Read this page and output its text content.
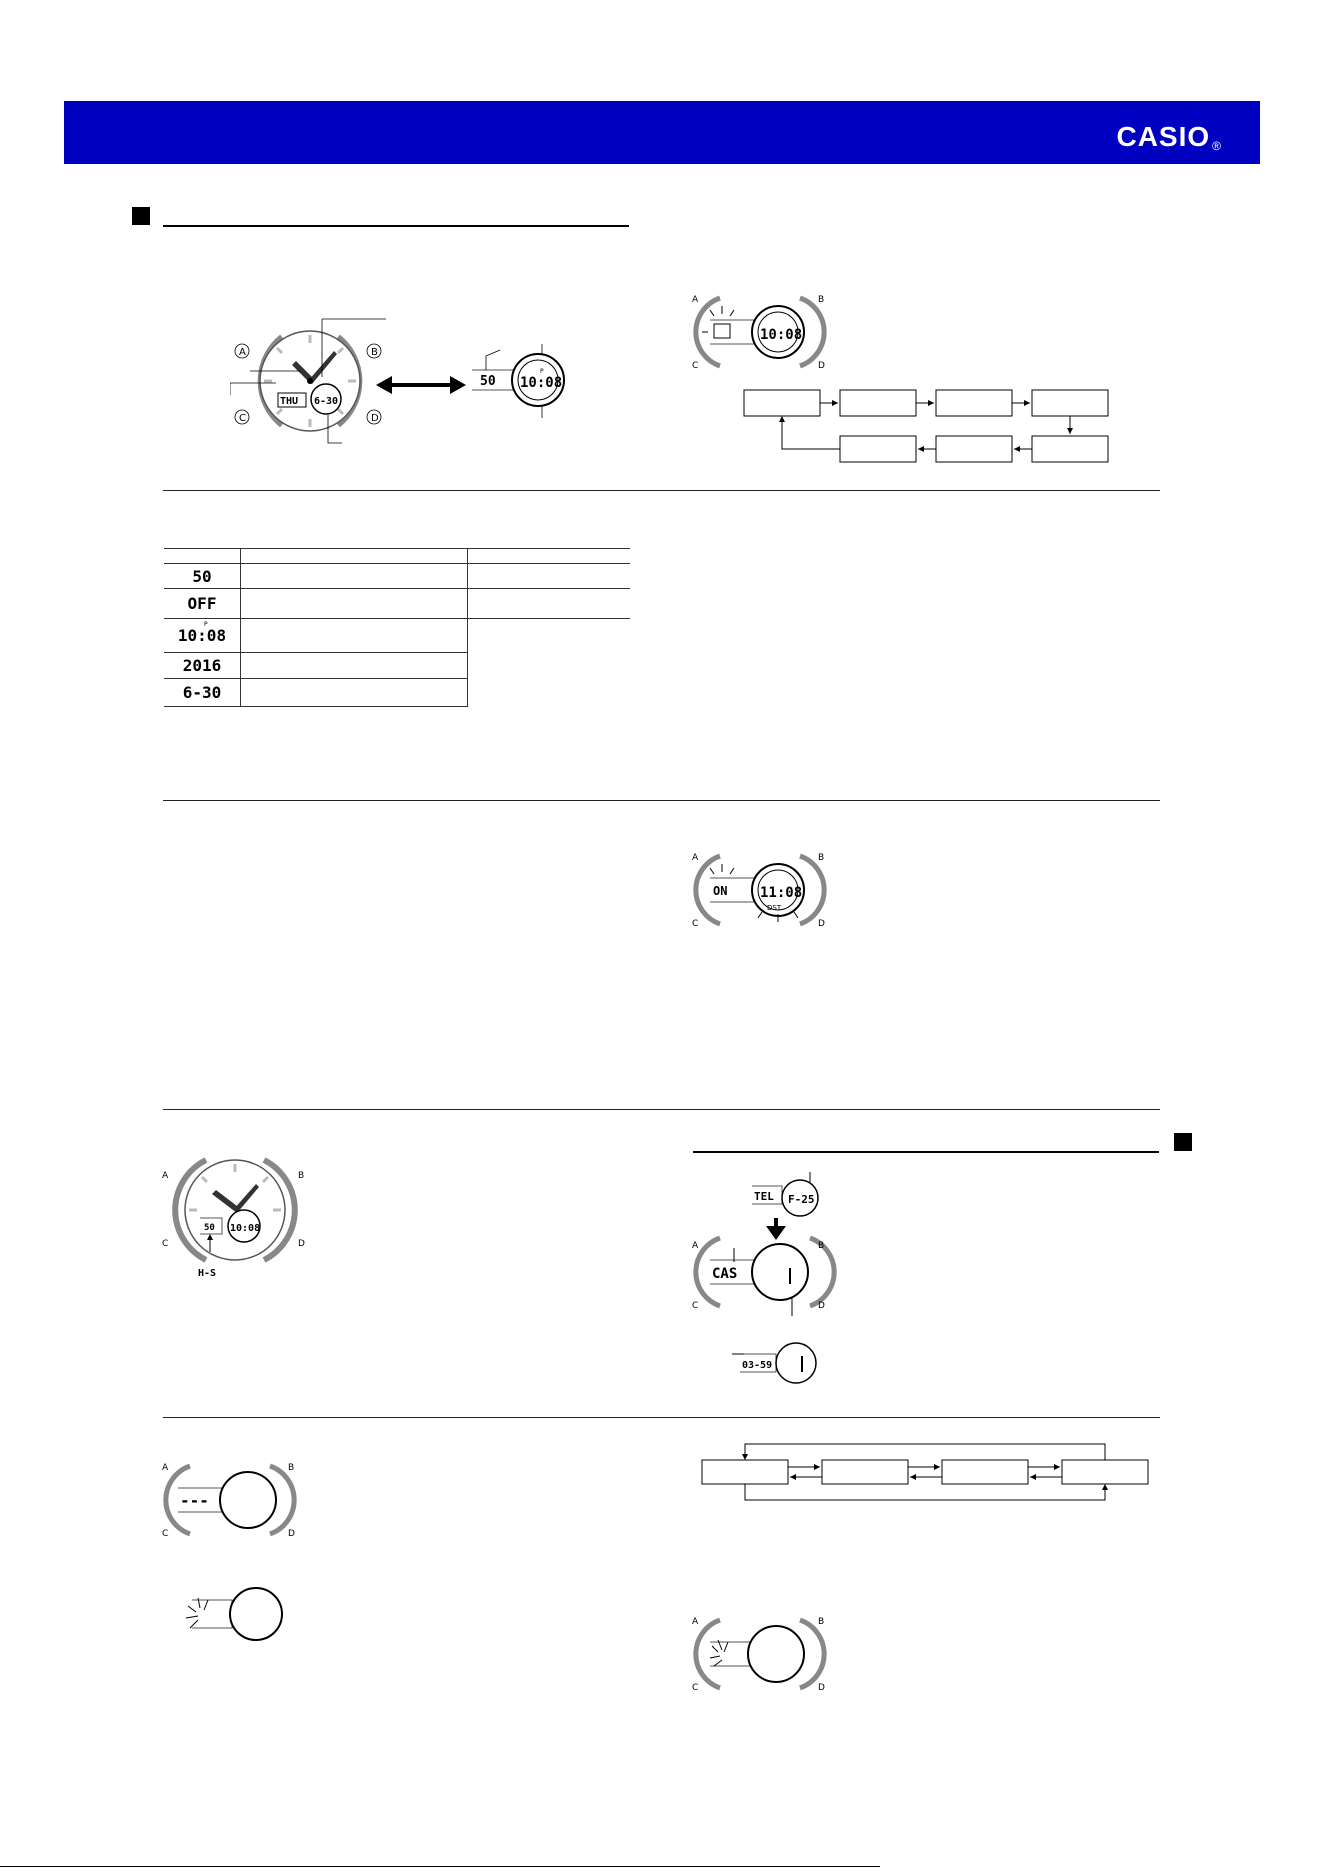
CASIO ®
A	B
C	D
THU 6-30
50
P
10:08

50		
OFF		

P
10:08		
2016		
6-30		
10:08
A	B
C	D
ON 11:08
DST
A	B
C	D
50 10:08
H-S
A	B
C	D
TEL F-25
CAS
A	B
C	D
03-59
---
A	B
C	D
A	B
C	D
